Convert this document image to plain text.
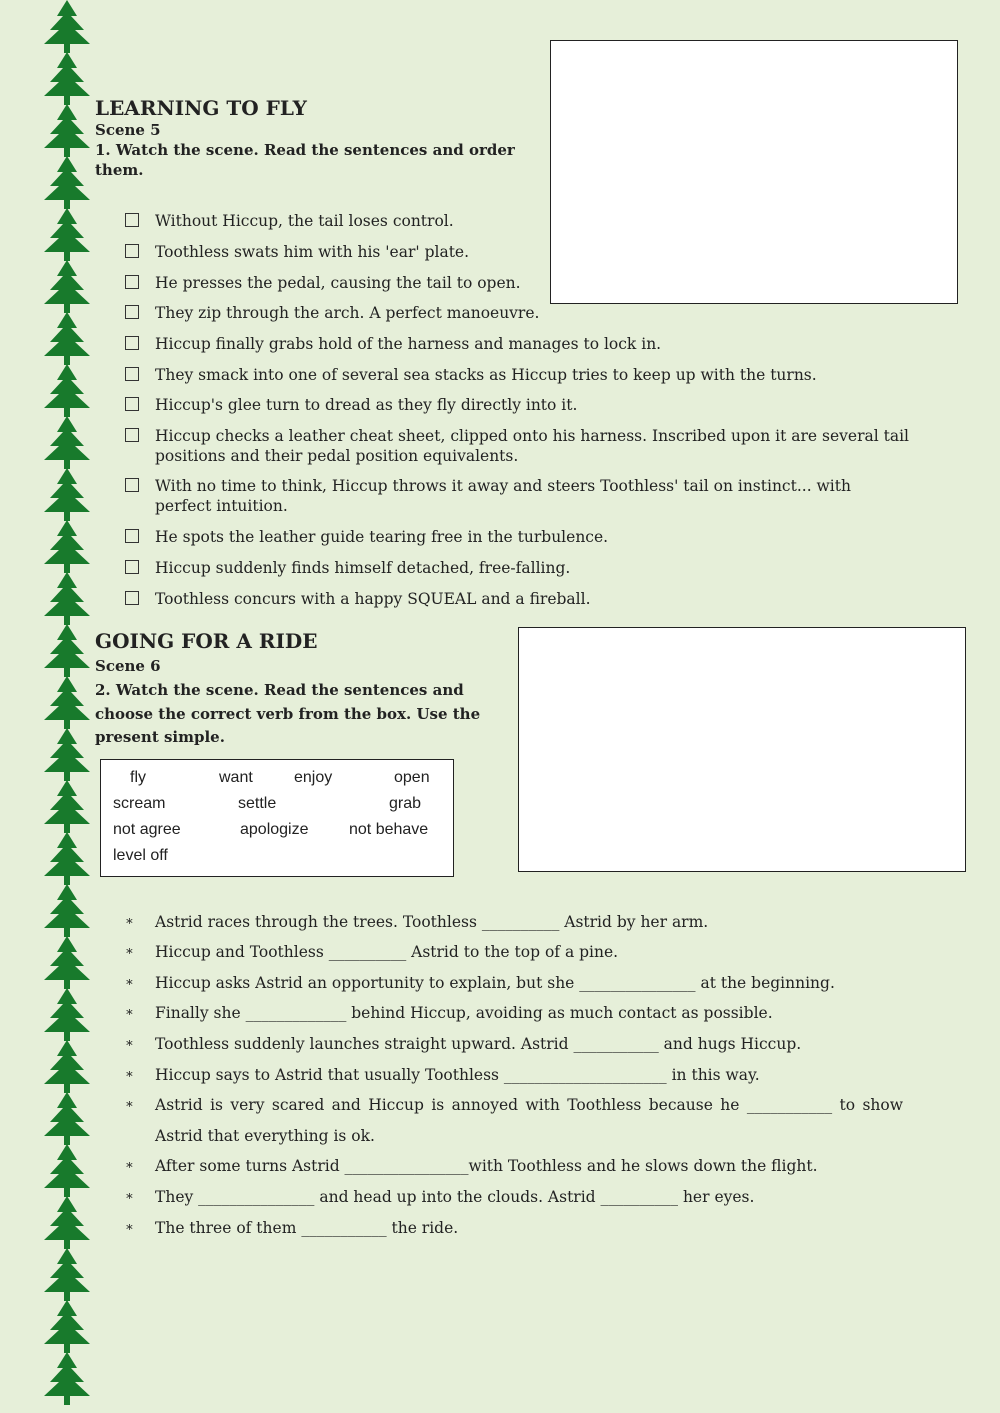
LEARNING TO FLY
Scene 5

1. Watch the scene. Read the sentences and order them.

Without Hiccup, the tail loses control.
Toothless swats him with his 'ear' plate.
He presses the pedal, causing the tail to open.
They zip through the arch. A perfect manoeuvre.
Hiccup finally grabs hold of the harness and manages to lock in.
They smack into one of several sea stacks as Hiccup tries to keep up with the turns.
Hiccup's glee turn to dread as they fly directly into it.
Hiccup checks a leather cheat sheet, clipped onto his harness. Inscribed upon it are several tail positions and their pedal position equivalents.
With no time to think, Hiccup throws it away and steers Toothless' tail on instinct... with perfect intuition.
He spots the leather guide tearing free in the turbulence.
Hiccup suddenly finds himself detached, free-falling.
Toothless concurs with a happy SQUEAL and a fireball.
GOING FOR A RIDE
Scene 6

2. Watch the scene. Read the sentences and choose the correct verb from the box. Use the present simple.

fly	want	enjoy	open
scream	settle	grab
not agree	apologize	not behave
level off
∗	Astrid races through the trees. Toothless __________ Astrid by her arm.
∗	Hiccup and Toothless __________ Astrid to the top of a pine.
∗	Hiccup asks Astrid an opportunity to explain, but she _______________ at the beginning.
∗	Finally she _____________ behind Hiccup, avoiding as much contact as possible.
∗	Toothless suddenly launches straight upward. Astrid ___________ and hugs Hiccup.
∗	Hiccup says to Astrid that usually Toothless _____________________ in this way.
∗	Astrid is very scared and Hiccup is annoyed with Toothless because he ___________ to show
Astrid that everything is ok.
∗	After some turns Astrid ________________with Toothless and he slows down the flight.
∗	They _______________ and head up into the clouds. Astrid __________ her eyes.
∗	The three of them ___________ the ride.
